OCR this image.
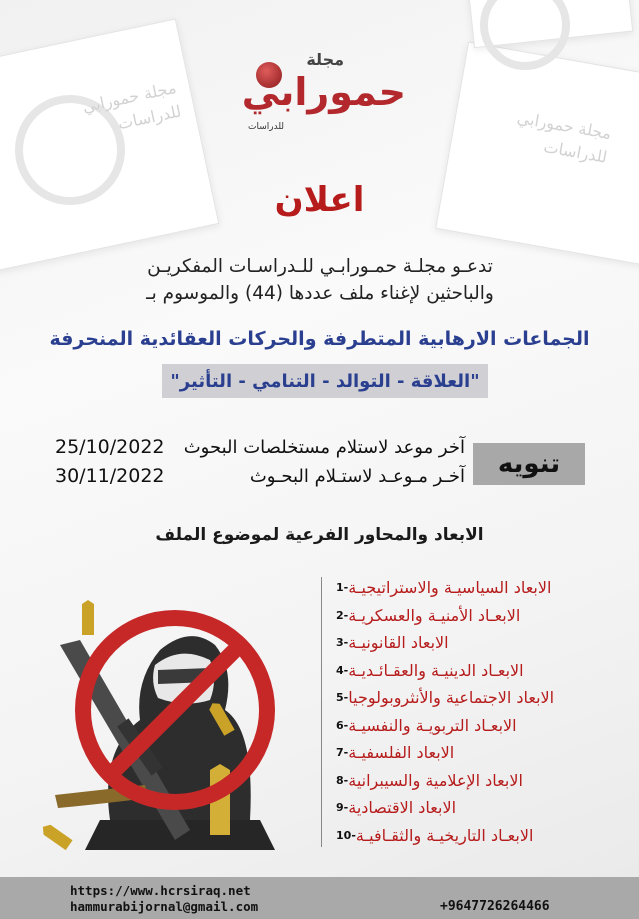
مجلة حمورابي للدراسات	مجلة حمورابي للدراسات
مجلة
حمورابي
للدراسات
اعلان
تدعـو مجلـة حمـورابـي للـدراسـات المفكريـن
والباحثين لإغناء ملف عددها (44) والموسوم بـ
الجماعات الارهابية المتطرفة والحركات العقائدية المنحرفة
"العلاقة - التوالد - التنامي - التأثير"
تنويه
25/10/2022 آخر موعد لاستلام مستخلصات البحوث
30/11/2022	آخـر مـوعـد لاستـلام البحـوث
الابعاد والمحاور الفرعية لموضوع الملف
-1 الابعاد السياسيـة والاستراتيجيـة
-2 الابعـاد الأمنيـة والعسكريـة
-3 الابعاد القانونيـة
-4 الابعـاد الدينيـة والعقـائـديـة
-5 الابعاد الاجتماعية والأنثروبولوجيا
-6 الابعـاد التربويـة والنفسيـة
-7 الابعاد الفلسفيـة
-8 الابعاد الإعلامية والسيبرانية
-9 الابعاد الاقتصادية
-10 الابعـاد التاريخيـة والثقـافيـة
https://www.hcrsiraq.net
hammurabijornal@gmail.com	+9647726264466
